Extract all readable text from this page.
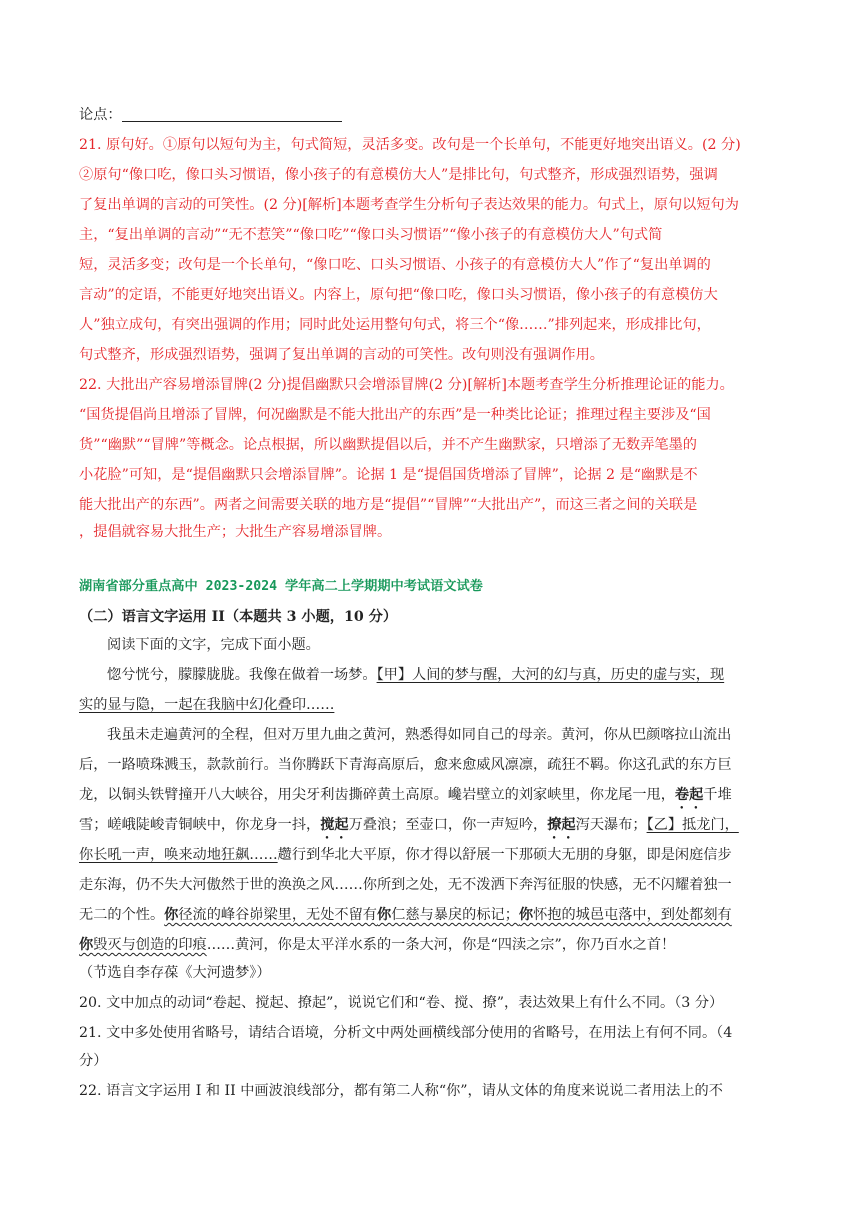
论点：
21. 原句好。①原句以短句为主，句式简短，灵活多变。改句是一个长单句，不能更好地突出语义。(2 分)
②原句“像口吃，像口头习惯语，像小孩子的有意模仿大人”是排比句，句式整齐，形成强烈语势，强调
了复出单调的言动的可笑性。(2 分)[解析]本题考查学生分析句子表达效果的能力。句式上，原句以短句为
主，“复出单调的言动”“无不惹笑”“像口吃”“像口头习惯语”“像小孩子的有意模仿大人”句式简
短，灵活多变；改句是一个长单句，“像口吃、口头习惯语、小孩子的有意模仿大人”作了“复出单调的
言动”的定语，不能更好地突出语义。内容上，原句把“像口吃，像口头习惯语，像小孩子的有意模仿大
人”独立成句，有突出强调的作用；同时此处运用整句句式，将三个“像……”排列起来，形成排比句，
句式整齐，形成强烈语势，强调了复出单调的言动的可笑性。改句则没有强调作用。
22. 大批出产容易增添冒牌(2 分)提倡幽默只会增添冒牌(2 分)[解析]本题考查学生分析推理论证的能力。
“国货提倡尚且增添了冒牌，何况幽默是不能大批出产的东西”是一种类比论证；推理过程主要涉及“国
货”“幽默”“冒牌”等概念。论点根据，所以幽默提倡以后，并不产生幽默家，只增添了无数弄笔墨的
小花脸”可知，是“提倡幽默只会增添冒牌”。论据 1 是“提倡国货增添了冒牌”，论据 2 是“幽默是不
能大批出产的东西”。两者之间需要关联的地方是“提倡”“冒牌”“大批出产”，而这三者之间的关联是
，提倡就容易大批生产；大批生产容易增添冒牌。
湖南省部分重点高中 2023-2024 学年高二上学期期中考试语文试卷
（二）语言文字运用 II（本题共 3 小题，10 分）
阅读下面的文字，完成下面小题。
惚兮恍兮，朦朦胧胧。我像在做着一场梦。【甲】人间的梦与醒，大河的幻与真，历史的虚与实，现
实的显与隐，一起在我脑中幻化叠印……
我虽未走遍黄河的全程，但对万里九曲之黄河，熟悉得如同自己的母亲。黄河，你从巴颜喀拉山流出
后，一路喷珠溅玉，款款前行。当你腾跃下青海高原后，愈来愈威风凛凛，疏狂不羁。你这孔武的东方巨
龙，以铜头铁臂撞开八大峡谷，用尖牙利齿撕碎黄土高原。巉岩壁立的刘家峡里，你龙尾一甩，卷起千堆
雪；嵯峨陡峻青铜峡中，你龙身一抖，搅起万叠浪；至壶口，你一声短吟，撩起泻天瀑布；【乙】抵龙门，
你长吼一声，唤来动地狂飙……趱行到华北大平原，你才得以舒展一下那硕大无朋的身躯，即是闲庭信步
走东海，仍不失大河傲然于世的涣涣之风……你所到之处，无不泼洒下奔泻征服的快感，无不闪耀着独一
无二的个性。你径流的峰谷峁梁里，无处不留有你仁慈与暴戾的标记；你怀抱的城邑屯落中，到处都刻有
你毁灭与创造的印痕……黄河，你是太平洋水系的一条大河，你是“四渎之宗”，你乃百水之首！
（节选自李存葆《大河遗梦》）
20. 文中加点的动词“卷起、搅起、撩起”，说说它们和“卷、搅、撩”，表达效果上有什么不同。（3 分）
21. 文中多处使用省略号，请结合语境，分析文中两处画横线部分使用的省略号，在用法上有何不同。（4
分）
22. 语言文字运用 I 和 II 中画波浪线部分，都有第二人称“你”，请从文体的角度来说说二者用法上的不
